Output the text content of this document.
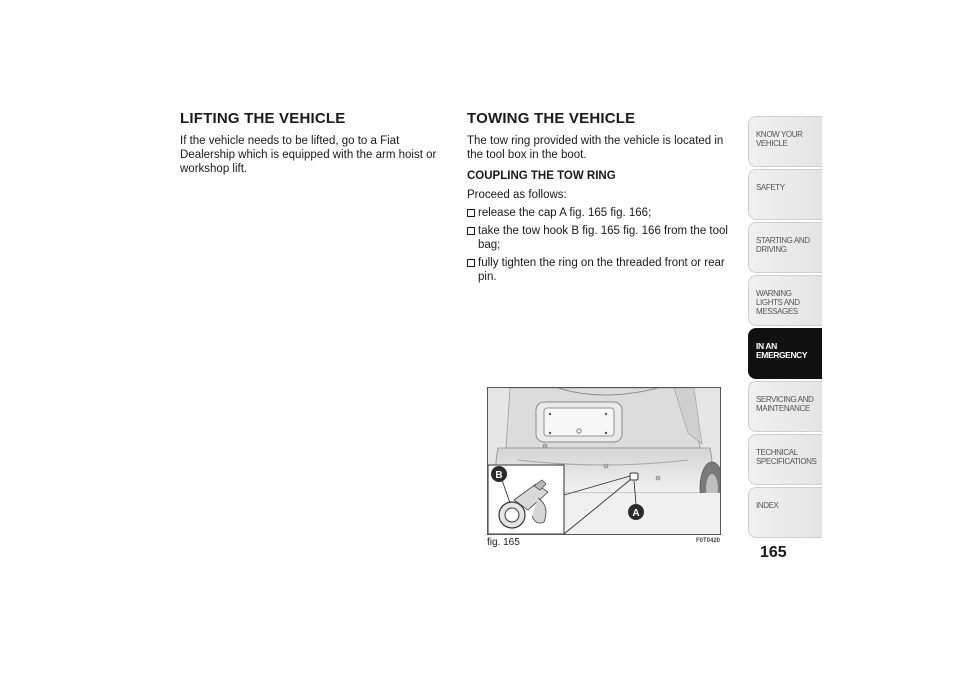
LIFTING THE VEHICLE

If the vehicle needs to be lifted, go to a Fiat Dealership which is equipped with the arm hoist or workshop lift.

TOWING THE VEHICLE

The tow ring provided with the vehicle is located in the tool box in the boot.

COUPLING THE TOW RING

Proceed as follows:

release the cap A fig. 165 fig. 166;
take the tow hook B fig. 165 fig. 166 from the tool bag;
fully tighten the ring on the threaded front or rear pin.
B
A
fig. 165	F0T0420
KNOW YOUR VEHICLE
SAFETY
STARTING AND DRIVING
WARNING LIGHTS AND MESSAGES
IN AN EMERGENCY
SERVICING AND MAINTENANCE
TECHNICAL SPECIFICATIONS
INDEX
165
